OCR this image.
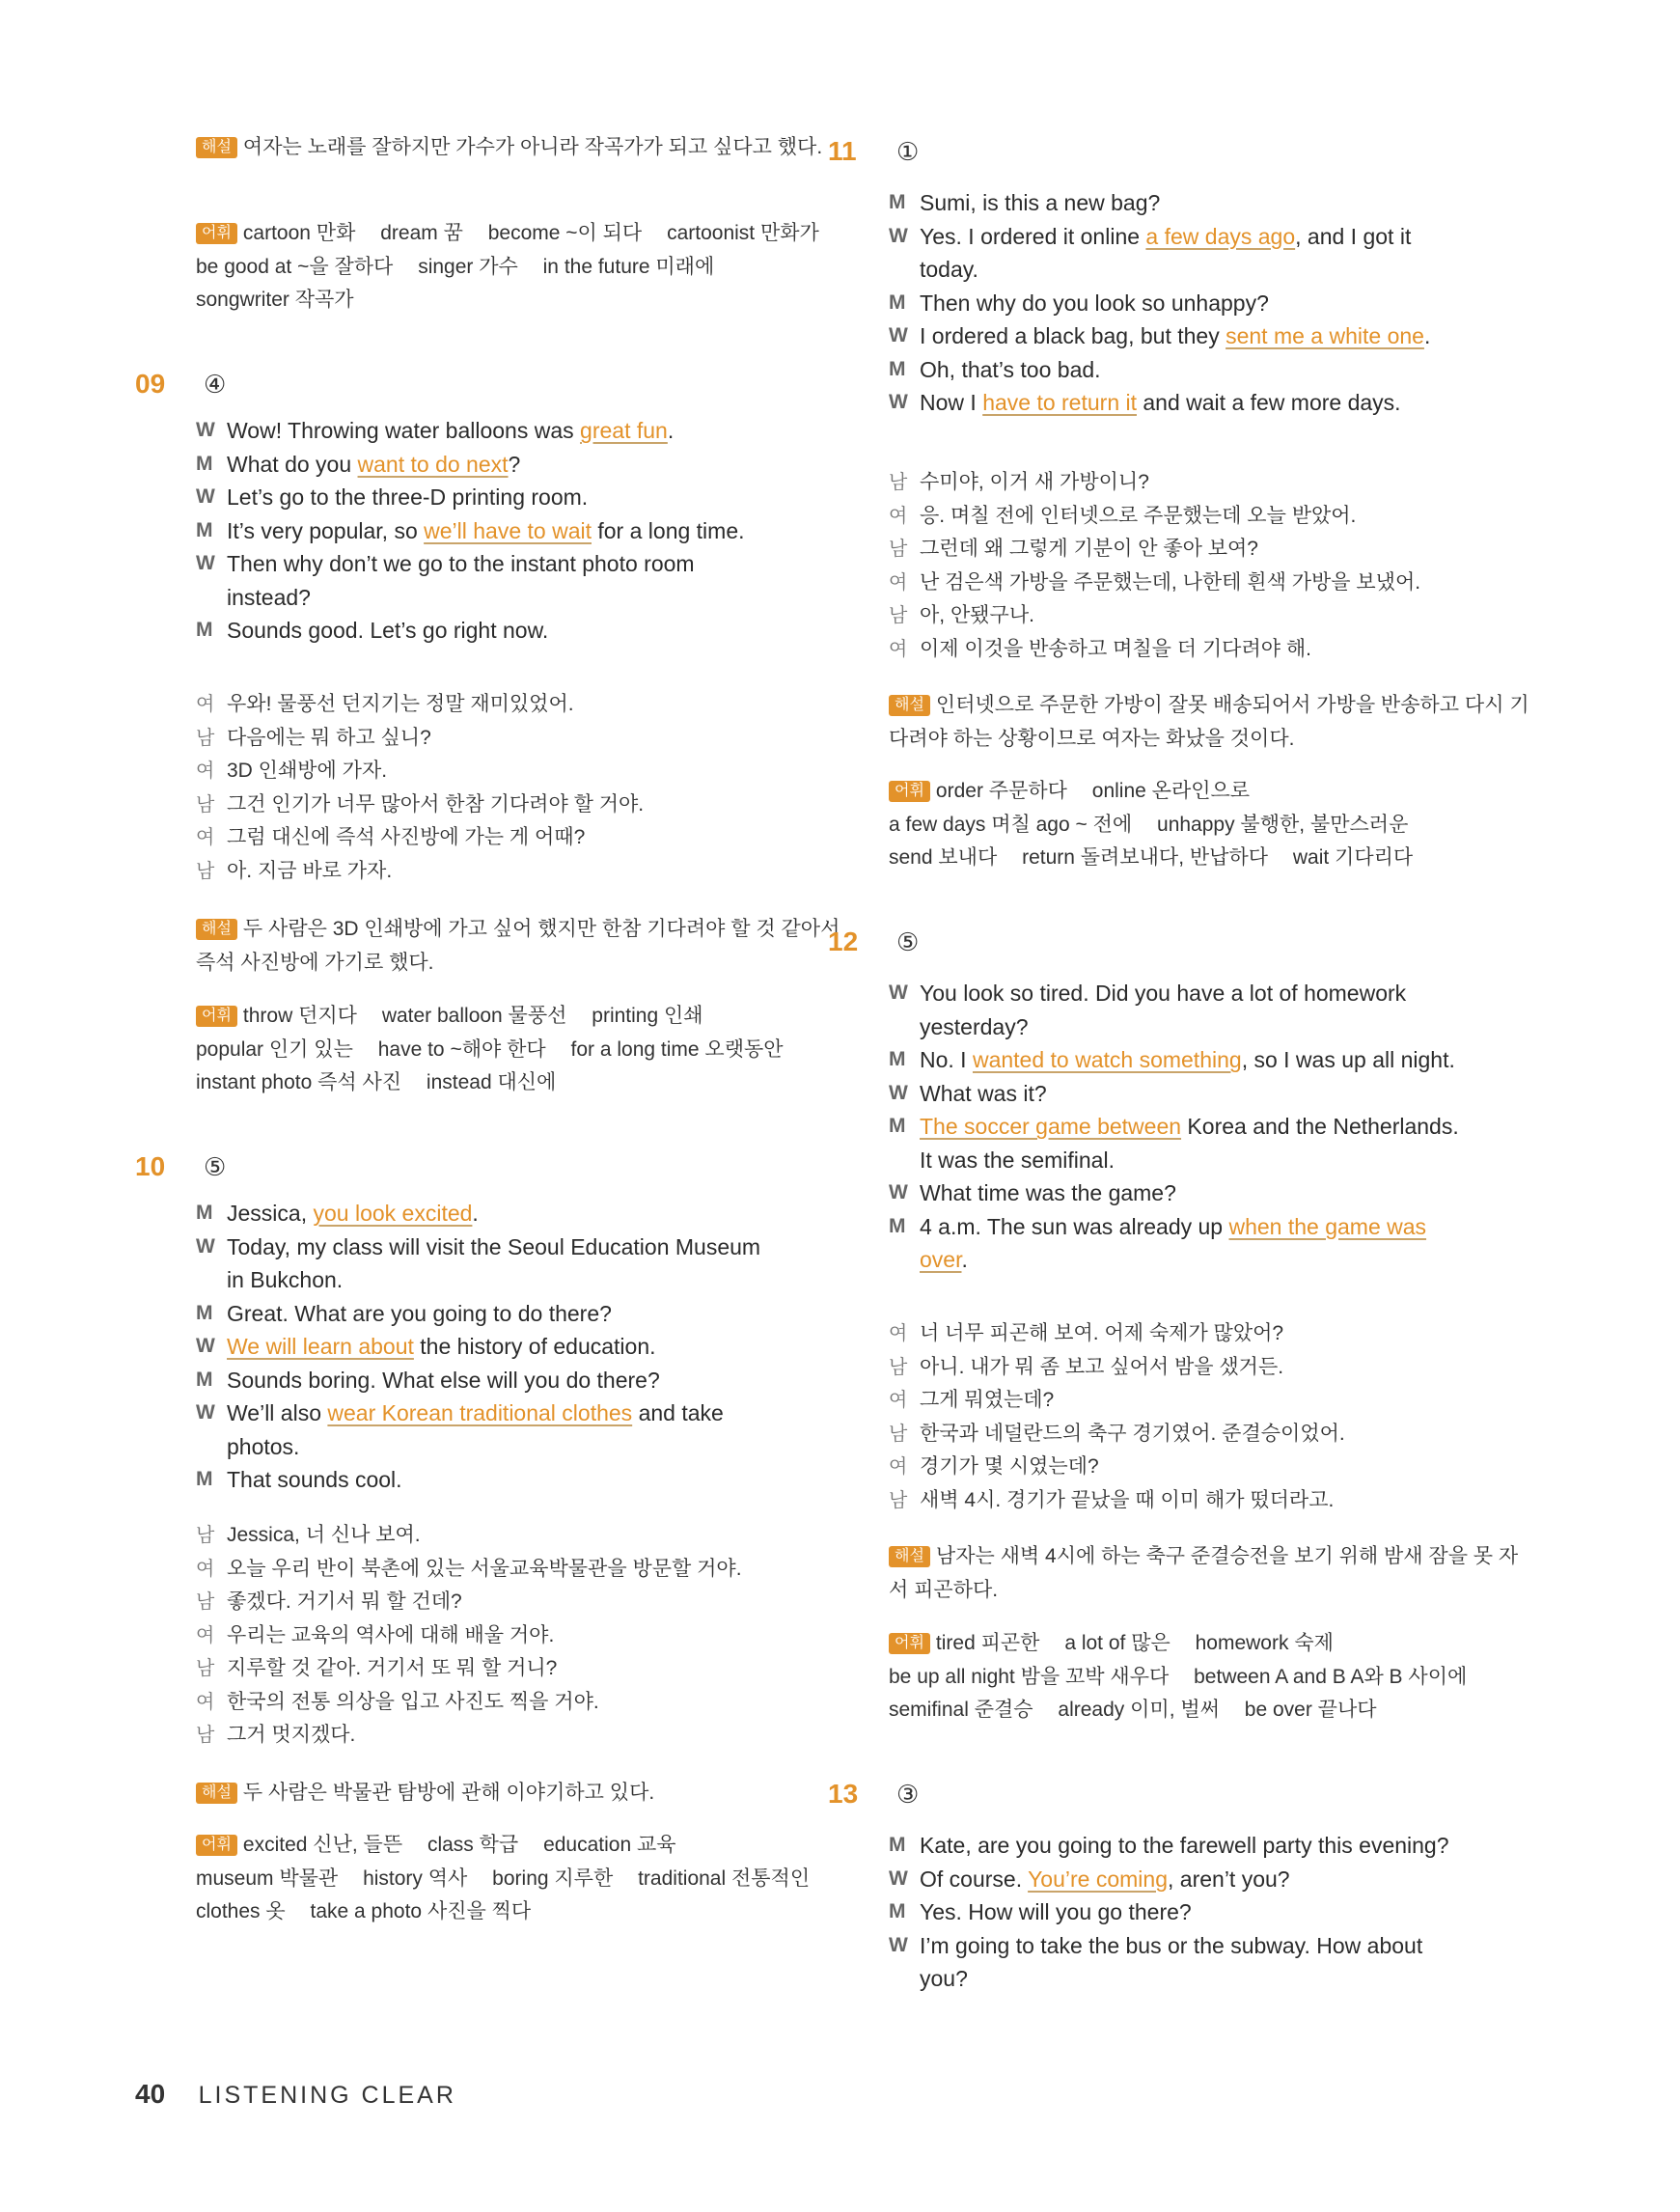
해설 여자는 노래를 잘하지만 가수가 아니라 작곡가가 되고 싶다고 했다.
어휘 cartoon 만화 dream 꿈 become ~이 되다 cartoonist 만화가 be good at ~을 잘하다 singer 가수 in the future 미래에 songwriter 작곡가
09 ④
W Wow! Throwing water balloons was great fun.
M What do you want to do next?
W Let’s go to the three-D printing room.
M It’s very popular, so we’ll have to wait for a long time.
W Then why don’t we go to the instant photo room instead?
M Sounds good. Let’s go right now.
여 우와! 물풍선 던지기는 정말 재미있었어.
남 다음에는 뭐 하고 싶니?
여 3D 인쇄방에 가자.
남 그건 인기가 너무 많아서 한참 기다려야 할 거야.
여 그럼 대신에 즉석 사진방에 가는 게 어때?
남 아. 지금 바로 가자.
해설 두 사람은 3D 인쇄방에 가고 싶어 했지만 한참 기다려야 할 것 같아서 즉석 사진방에 가기로 했다.
어휘 throw 던지다 water balloon 물풍선 printing 인쇄 popular 인기 있는 have to ~해야 한다 for a long time 오랫동안 instant photo 즉석 사진 instead 대신에
10 ⑤
M Jessica, you look excited.
W Today, my class will visit the Seoul Education Museum in Bukchon.
M Great. What are you going to do there?
W We will learn about the history of education.
M Sounds boring. What else will you do there?
W We’ll also wear Korean traditional clothes and take photos.
M That sounds cool.
남 Jessica, 너 신나 보여.
여 오늘 우리 반이 북촌에 있는 서울교육박물관을 방문할 거야.
남 좋겠다. 거기서 뭐 할 건데?
여 우리는 교육의 역사에 대해 배울 거야.
남 지루할 것 같아. 거기서 또 뭐 할 거니?
여 한국의 전통 의상을 입고 사진도 찍을 거야.
남 그거 멋지겠다.
해설 두 사람은 박물관 탐방에 관해 이야기하고 있다.
어휘 excited 신난, 들뜬 class 학급 education 교육 museum 박물관 history 역사 boring 지루한 traditional 전통적인 clothes 옷 take a photo 사진을 찍다
11 ①
M Sumi, is this a new bag?
W Yes. I ordered it online a few days ago, and I got it today.
M Then why do you look so unhappy?
W I ordered a black bag, but they sent me a white one.
M Oh, that’s too bad.
W Now I have to return it and wait a few more days.
남 수미야, 이거 새 가방이니?
여 응. 며칠 전에 인터넷으로 주문했는데 오늘 받았어.
남 그런데 왜 그렇게 기분이 안 좋아 보여?
여 난 검은색 가방을 주문했는데, 나한테 흰색 가방을 보냈어.
남 아, 안됐구나.
여 이제 이것을 반송하고 며칠을 더 기다려야 해.
해설 인터넷으로 주문한 가방이 잘못 배송되어서 가방을 반송하고 다시 기다려야 하는 상황이므로 여자는 화났을 것이다.
어휘 order 주문하다 online 온라인으로 a few days 며칠 ago ~ 전에 unhappy 불행한, 불만스러운 send 보내다 return 돌려보내다, 반납하다 wait 기다리다
12 ⑤
W You look so tired. Did you have a lot of homework yesterday?
M No. I wanted to watch something, so I was up all night.
W What was it?
M The soccer game between Korea and the Netherlands. It was the semifinal.
W What time was the game?
M 4 a.m. The sun was already up when the game was over.
여 너 너무 피곤해 보여. 어제 숙제가 많았어?
남 아니. 내가 뭐 좀 보고 싶어서 밤을 샜거든.
여 그게 뭐였는데?
남 한국과 네덜란드의 축구 경기였어. 준결승이었어.
여 경기가 몇 시였는데?
남 새벽 4시. 경기가 끝났을 때 이미 해가 떴더라고.
해설 남자는 새벽 4시에 하는 축구 준결승전을 보기 위해 밤새 잠을 못 자서 피곤하다.
어휘 tired 피곤한 a lot of 많은 homework 숙제 be up all night 밤을 꼬박 새우다 between A and B A와 B 사이에 semifinal 준결승 already 이미, 벌써 be over 끝나다
13 ③
M Kate, are you going to the farewell party this evening?
W Of course. You’re coming, aren’t you?
M Yes. How will you go there?
W I’m going to take the bus or the subway. How about you?
40 LISTENING CLEAR
